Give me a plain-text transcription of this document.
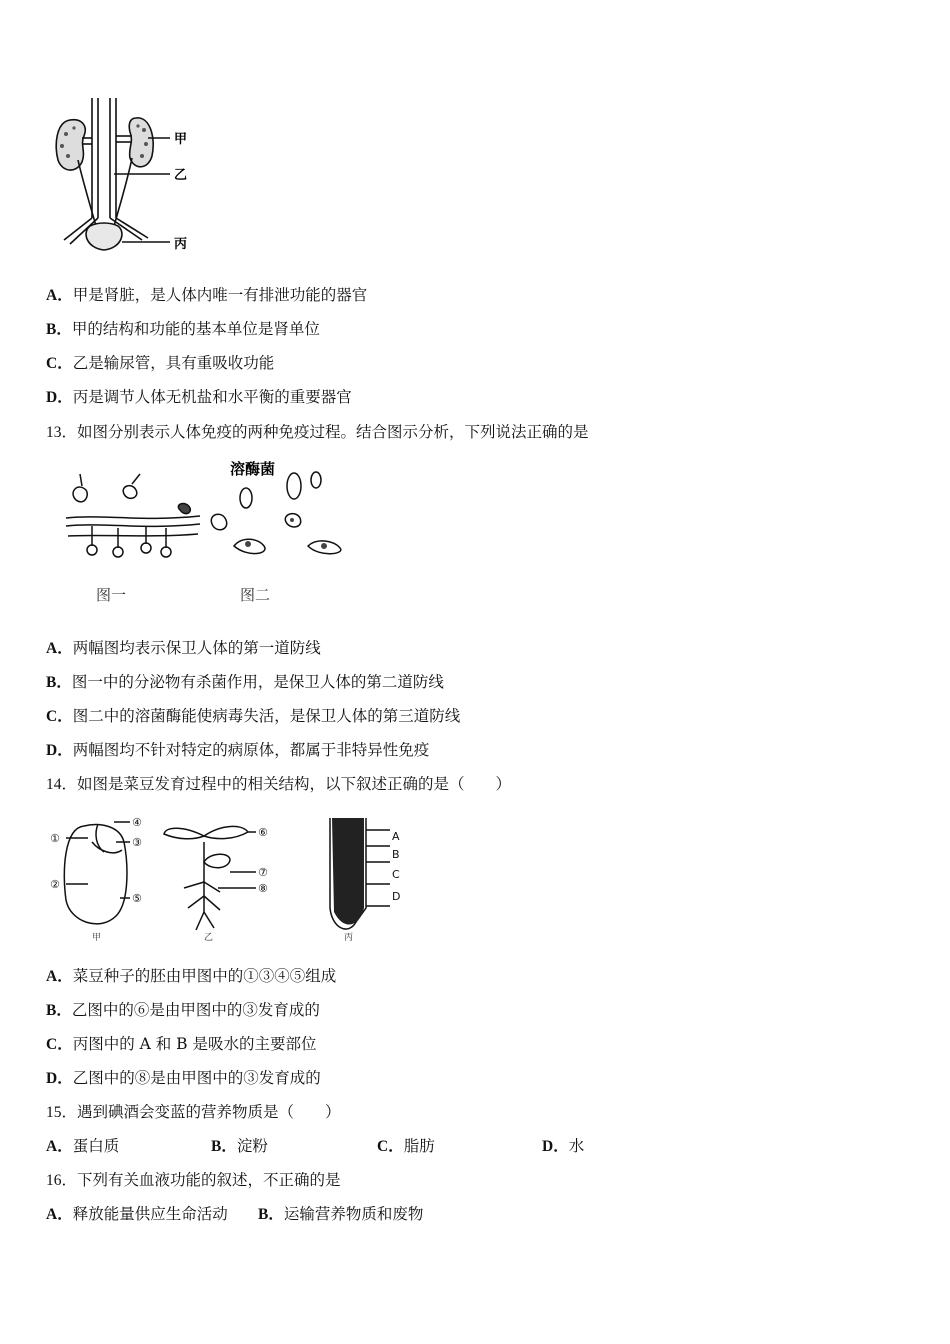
甲
乙
丙
A．甲是肾脏，是人体内唯一有排泄功能的器官
B．甲的结构和功能的基本单位是肾单位
C．乙是输尿管，具有重吸收功能
D．丙是调节人体无机盐和水平衡的重要器官
13．如图分别表示人体免疫的两种免疫过程。结合图示分析，下列说法正确的是
溶酶菌
图一	图二
A．两幅图均表示保卫人体的第一道防线
B．图一中的分泌物有杀菌作用，是保卫人体的第二道防线
C．图二中的溶菌酶能使病毒失活，是保卫人体的第三道防线
D．两幅图均不针对特定的病原体，都属于非特异性免疫
14．如图是菜豆发育过程中的相关结构，以下叙述正确的是（　　）
①
②
③
④
⑤
⑥
⑦
⑧
A
B
C
D
甲	乙	丙
A．菜豆种子的胚由甲图中的①③④⑤组成
B．乙图中的⑥是由甲图中的③发育成的
C．丙图中的 A 和 B 是吸水的主要部位
D．乙图中的⑧是由甲图中的③发育成的
15．遇到碘酒会变蓝的营养物质是（　　）
A．蛋白质	B．淀粉	C．脂肪	D．水
16．下列有关血液功能的叙述，不正确的是
A．释放能量供应生命活动 B．运输营养物质和废物
